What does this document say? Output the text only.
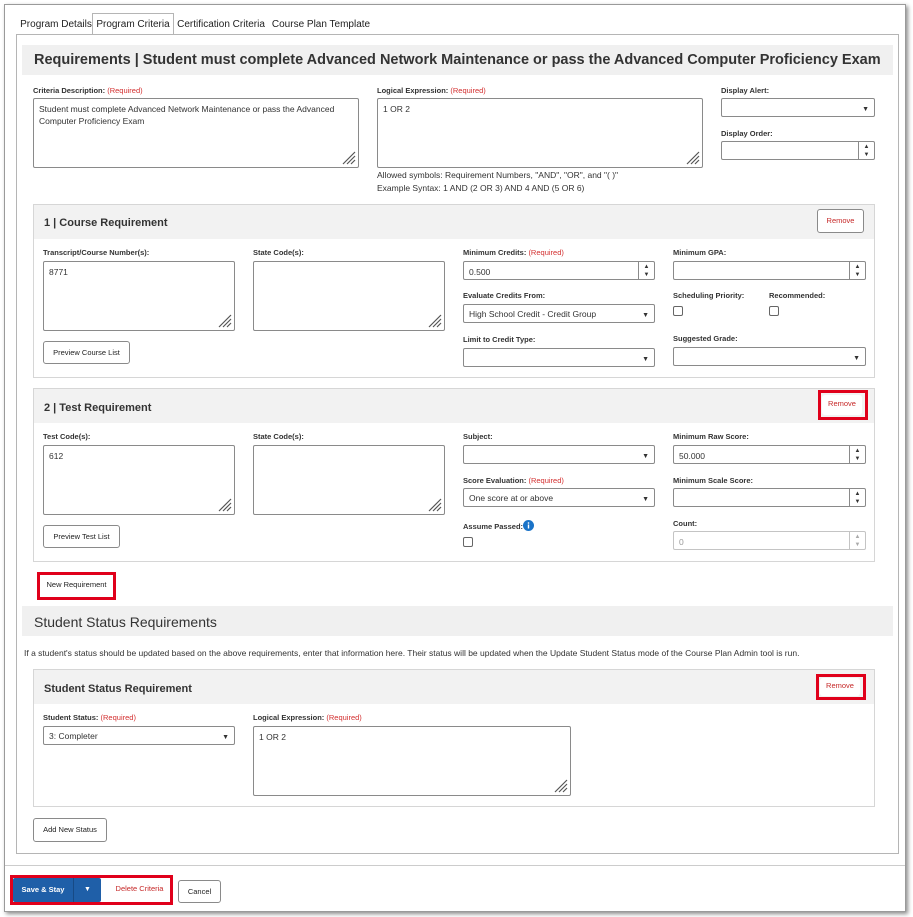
Program Details Program Criteria Certification Criteria Course Plan Template
Requirements | Student must complete Advanced Network Maintenance or pass the Advanced Computer Proficiency Exam
Criteria Description: (Required)
Student must complete Advanced Network Maintenance or pass the Advanced Computer Proficiency Exam
Logical Expression: (Required)
1 OR 2
Allowed symbols: Requirement Numbers, "AND", "OR", and "( )"
Example Syntax: 1 AND (2 OR 3) AND 4 AND (5 OR 6)
Display Alert:
▼
Display Order:
▲
▼
1 | Course Requirement	Remove
Transcript/Course Number(s):
8771
State Code(s):
Preview Course List
Minimum Credits: (Required)
0.500	▲
▼
Minimum GPA:
▲
▼
Evaluate Credits From:
High School Credit - Credit Group	▼
Scheduling Priority:	Recommended:
Limit to Credit Type:
▼
Suggested Grade:
▼
2 | Test Requirement	Remove
Test Code(s):
612
State Code(s):
Preview Test List
Subject:
▼
Minimum Raw Score:
50.000	▲
▼
Score Evaluation: (Required)
One score at or above	▼
Minimum Scale Score:
▲
▼
Assume Passed:	Count:
0	▲
▼
New Requirement
Student Status Requirements
If a student's status should be updated based on the above requirements, enter that information here. Their status will be updated when the Update Student Status mode of the Course Plan Admin tool is run.
Student Status Requirement	Remove
Student Status: (Required)
3: Completer	▼
Logical Expression: (Required)
1 OR 2
Add New Status
Save & Stay	▼	Delete Criteria	Cancel
